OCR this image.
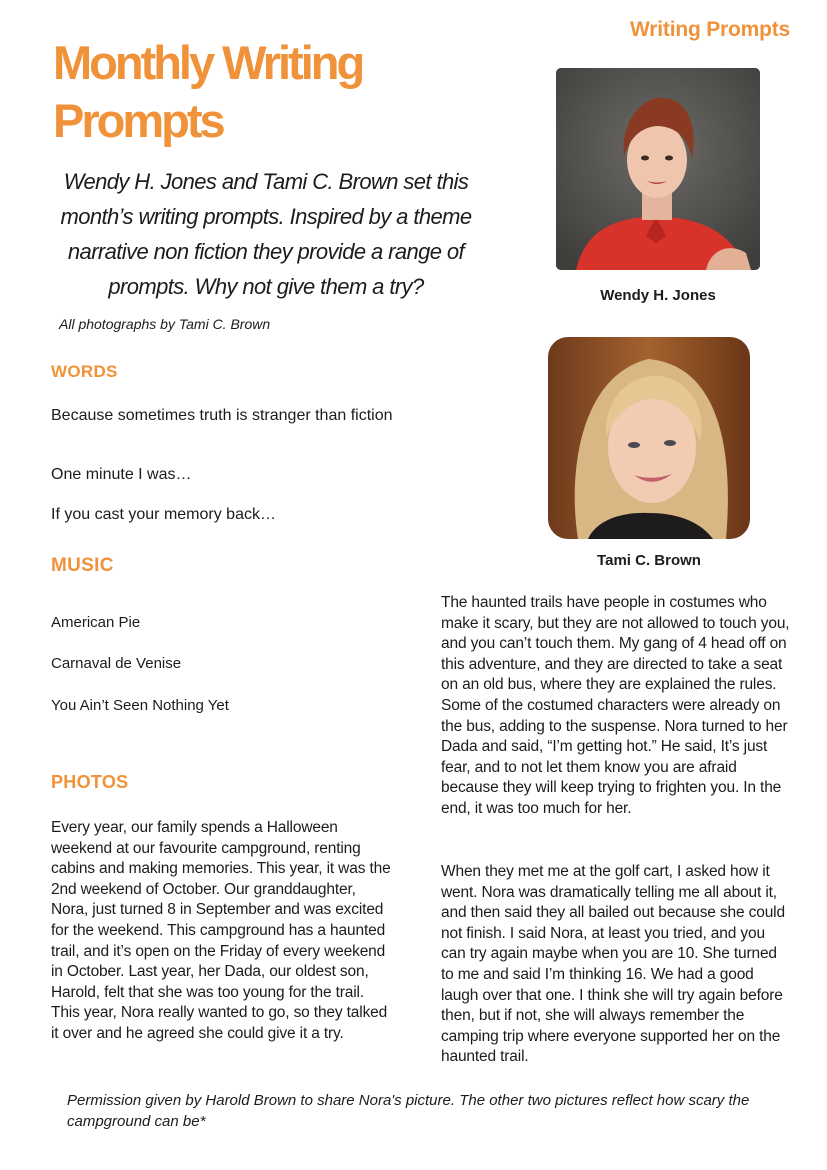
Writing Prompts
Monthly Writing
Prompts
Wendy H. Jones and Tami C. Brown set this month’s writing prompts. Inspired by a theme narrative non fiction they provide a range of prompts. Why not give them a try?
All photographs by Tami C. Brown
WORDS
Because sometimes truth is stranger than fiction
One minute I was…
If you cast your memory back…
MUSIC
American Pie
Carnaval de Venise
You Ain’t Seen Nothing Yet
PHOTOS
Every year, our family spends a Halloween weekend at our favourite campground, renting cabins and making memories. This year, it was the 2nd weekend of October. Our granddaughter, Nora, just turned 8 in September and was excited for the weekend. This campground has a haunted trail, and it’s open on the Friday of every weekend in October. Last year, her Dada, our oldest son, Harold, felt that she was too young for the trail. This year, Nora really wanted to go, so they talked it over and he agreed she could give it a try.
The haunted trails have people in costumes who make it scary, but they are not allowed to touch you, and you can’t touch them. My gang of 4 head off on this adventure, and they are directed to take a seat on an old bus, where they are explained the rules. Some of the costumed characters were already on the bus, adding to the suspense. Nora turned to her Dada and said, “I’m getting hot.” He said, It’s just fear, and to not let them know you are afraid because they will keep trying to frighten you. In the end, it was too much for her.
When they met me at the golf cart, I asked how it went. Nora was dramatically telling me all about it, and then said they all bailed out because she could not finish. I said Nora, at least you tried, and you can try again maybe when you are 10. She turned to me and said I’m thinking 16. We had a good laugh over that one. I think she will try again before then, but if not, she will always remember the camping trip where everyone supported her on the haunted trail.
Wendy H. Jones
Tami C. Brown
Permission given by Harold Brown to share Nora's picture. The other two pictures reflect how scary the campground can be*
